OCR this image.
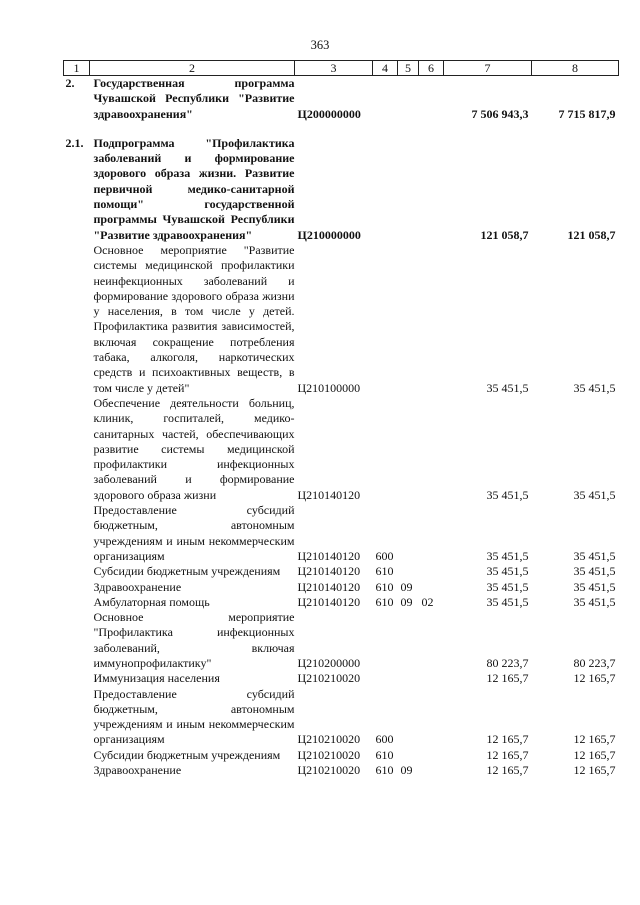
363
1	2	3	4	5	6	7	8
2.	Государственная программа Чувашской Республики "Развитие здравоохранения"	Ц200000000				7 506 943,3	7 715 817,9

2.1.	Подпрограмма "Профилактика заболеваний и формирование здорового образа жизни. Развитие первичной медико-санитарной помощи" государственной программы Чувашской Республики "Развитие здравоохранения"	Ц210000000				121 058,7	121 058,7
	Основное мероприятие "Развитие системы медицинской профилактики неинфекционных заболеваний и формирование здорового образа жизни у населения, в том числе у детей. Профилактика развития зависимостей, включая сокращение потребления табака, алкоголя, наркотических средств и психоактивных веществ, в том числе у детей"	Ц210100000				35 451,5	35 451,5
	Обеспечение деятельности больниц, клиник, госпиталей, медико-санитарных частей, обеспечивающих развитие системы медицинской профилактики инфекционных заболеваний и формирование здорового образа жизни	Ц210140120				35 451,5	35 451,5
	Предоставление субсидий бюджетным, автономным учреждениям и иным некоммерческим организациям	Ц210140120	600			35 451,5	35 451,5
	Субсидии бюджетным учреждениям	Ц210140120	610			35 451,5	35 451,5
	Здравоохранение	Ц210140120	610	09		35 451,5	35 451,5
	Амбулаторная помощь	Ц210140120	610	09	02	35 451,5	35 451,5
	Основное мероприятие "Профилактика инфекционных заболеваний, включая иммунопрофилактику"	Ц210200000				80 223,7	80 223,7
	Иммунизация населения	Ц210210020				12 165,7	12 165,7
	Предоставление субсидий бюджетным, автономным учреждениям и иным некоммерческим организациям	Ц210210020	600			12 165,7	12 165,7
	Субсидии бюджетным учреждениям	Ц210210020	610			12 165,7	12 165,7
	Здравоохранение	Ц210210020	610	09		12 165,7	12 165,7
